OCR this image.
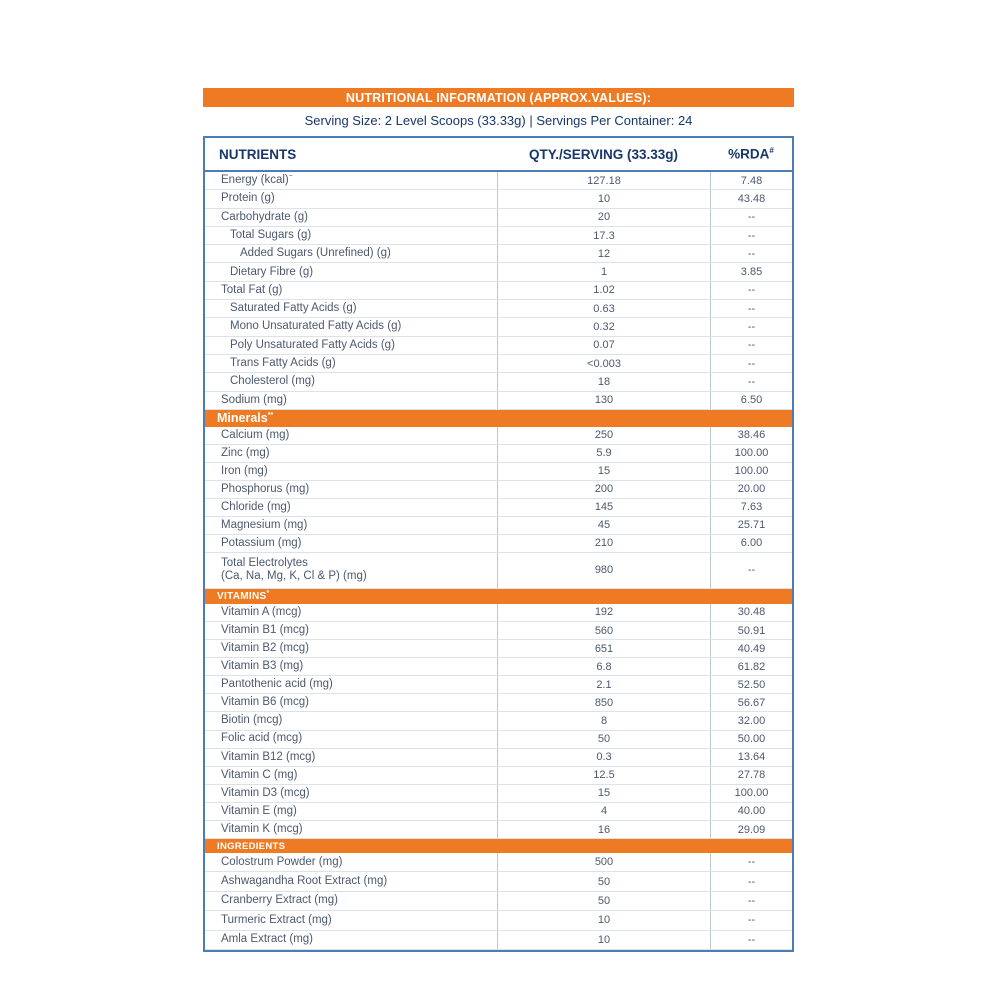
NUTRITIONAL INFORMATION (APPROX.VALUES):
Serving Size: 2 Level Scoops (33.33g) | Servings Per Container: 24
NUTRIENTS	QTY./SERVING (33.33g)	%RDA#
Energy (kcal)~	127.18	7.48
Protein (g)	10	43.48
Carbohydrate (g)	20	--
Total Sugars (g)	17.3	--
Added Sugars (Unrefined) (g)	12	--
Dietary Fibre (g)	1	3.85
Total Fat (g)	1.02	--
Saturated Fatty Acids (g)	0.63	--
Mono Unsaturated Fatty Acids (g)	0.32	--
Poly Unsaturated Fatty Acids (g)	0.07	--
Trans Fatty Acids (g)	<0.003	--
Cholesterol (mg)	18	--
Sodium (mg)	130	6.50
Minerals **
Calcium (mg)	250	38.46
Zinc (mg)	5.9	100.00
Iron (mg)	15	100.00
Phosphorus (mg)	200	20.00
Chloride (mg)	145	7.63
Magnesium (mg)	45	25.71
Potassium (mg)	210	6.00
Total Electrolytes
(Ca, Na, Mg, K, Cl & P) (mg)	980	--
VITAMINS *
Vitamin A (mcg)	192	30.48
Vitamin B1 (mcg)	560	50.91
Vitamin B2 (mcg)	651	40.49
Vitamin B3 (mg)	6.8	61.82
Pantothenic acid (mg)	2.1	52.50
Vitamin B6 (mcg)	850	56.67
Biotin (mcg)	8	32.00
Folic acid (mcg)	50	50.00
Vitamin B12 (mcg)	0.3	13.64
Vitamin C (mg)	12.5	27.78
Vitamin D3 (mcg)	15	100.00
Vitamin E (mg)	4	40.00
Vitamin K (mcg)	16	29.09
INGREDIENTS
Colostrum Powder (mg)	500	--
Ashwagandha Root Extract (mg)	50	--
Cranberry Extract (mg)	50	--
Turmeric Extract (mg)	10	--
Amla Extract (mg)	10	--
